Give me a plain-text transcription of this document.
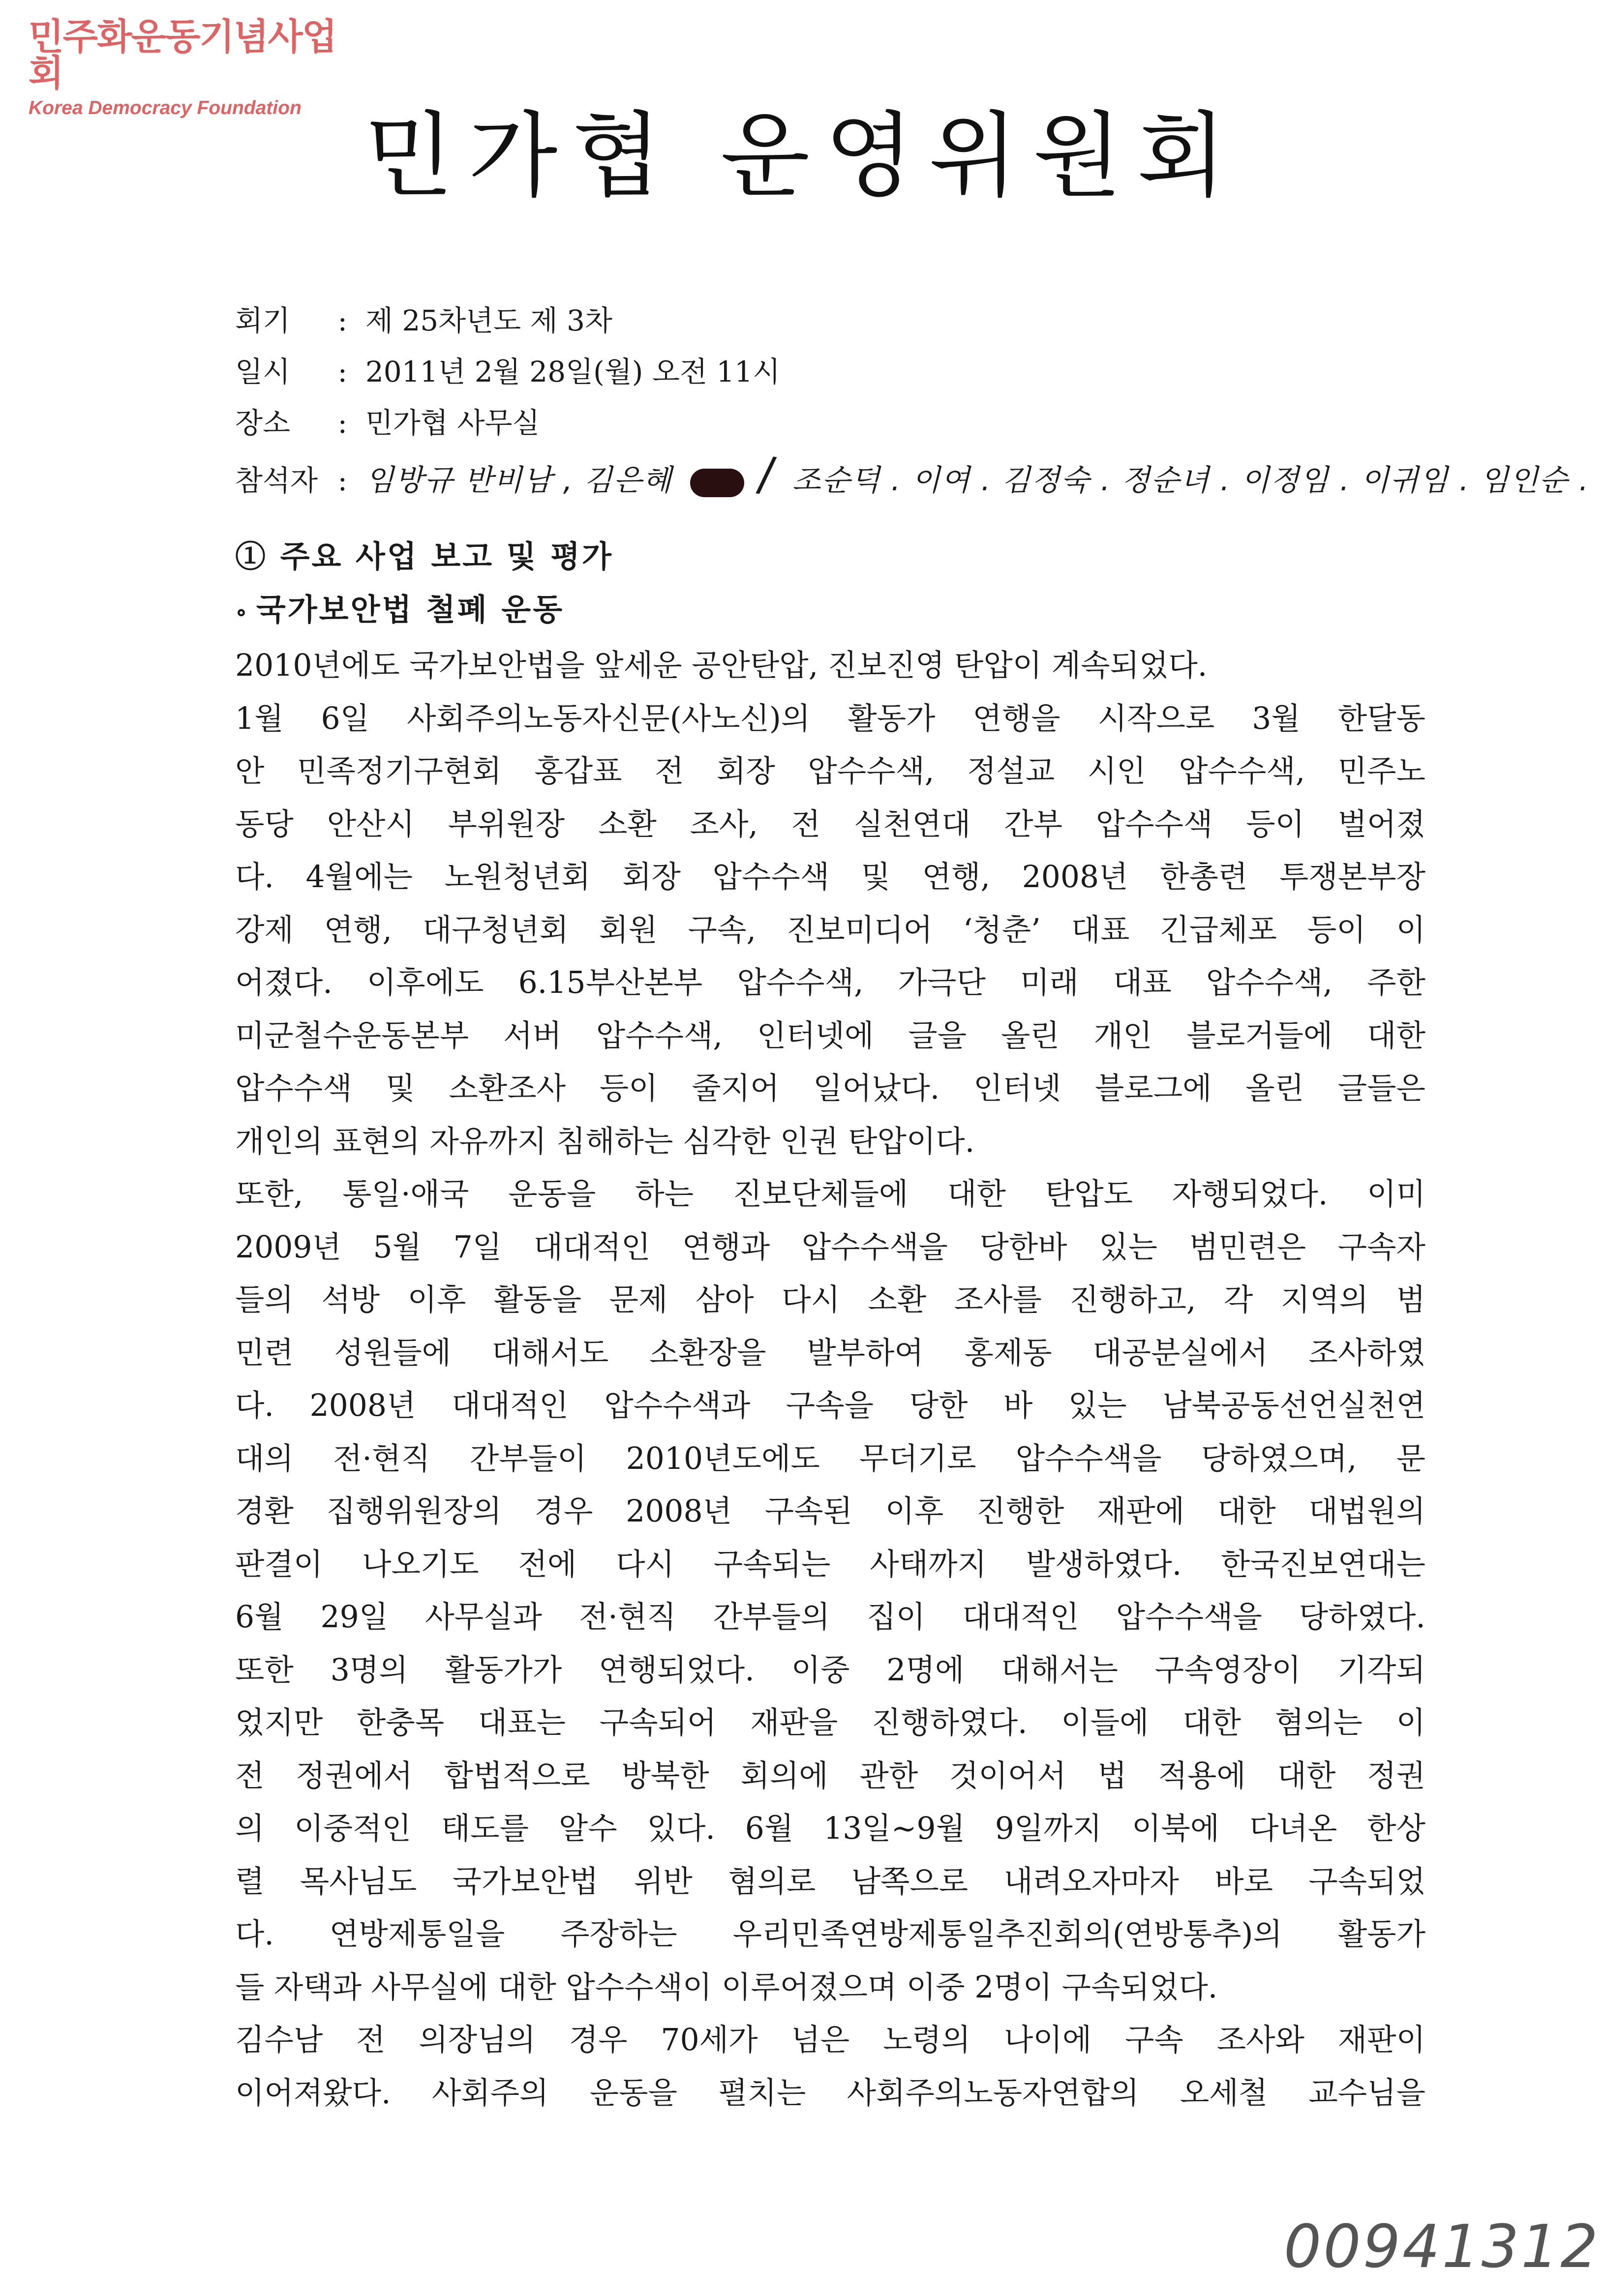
민주화운동기념사업회
Korea Democracy Foundation 민가협 운영위원회
회기 :  제 25차년도 제 3차
일시 :  2011년 2월 28일(월) 오전 11시
장소 :  민가협 사무실
참석자 :  임방규 반비남 , 김은혜 / 조순덕 . 이여 . 김정숙 . 정순녀 . 이정임 . 이귀임 . 임인순 .
① 주요 사업 보고 및 평가
∘ 국가보안법 철폐 운동
2010년에도 국가보안법을 앞세운 공안탄압, 진보진영 탄압이 계속되었다.
1월 6일 사회주의노동자신문(사노신)의 활동가 연행을 시작으로 3월 한달동
안 민족정기구현회 홍갑표 전 회장 압수수색, 정설교 시인 압수수색, 민주노
동당 안산시 부위원장 소환 조사, 전 실천연대 간부 압수수색 등이 벌어졌
다. 4월에는 노원청년회 회장 압수수색 및 연행, 2008년 한총련 투쟁본부장
강제 연행, 대구청년회 회원 구속, 진보미디어 ‘청춘’ 대표 긴급체포 등이 이
어졌다. 이후에도 6.15부산본부 압수수색, 가극단 미래 대표 압수수색, 주한
미군철수운동본부 서버 압수수색, 인터넷에 글을 올린 개인 블로거들에 대한
압수수색 및 소환조사 등이 줄지어 일어났다. 인터넷 블로그에 올린 글들은
개인의 표현의 자유까지 침해하는 심각한 인권 탄압이다.
또한, 통일·애국 운동을 하는 진보단체들에 대한 탄압도 자행되었다. 이미
2009년 5월 7일 대대적인 연행과 압수수색을 당한바 있는 범민련은 구속자
들의 석방 이후 활동을 문제 삼아 다시 소환 조사를 진행하고, 각 지역의 범
민련 성원들에 대해서도 소환장을 발부하여 홍제동 대공분실에서 조사하였
다. 2008년 대대적인 압수수색과 구속을 당한 바 있는 남북공동선언실천연
대의 전·현직 간부들이 2010년도에도 무더기로 압수수색을 당하였으며, 문
경환 집행위원장의 경우 2008년 구속된 이후 진행한 재판에 대한 대법원의
판결이 나오기도 전에 다시 구속되는 사태까지 발생하였다. 한국진보연대는
6월 29일 사무실과 전·현직 간부들의 집이 대대적인 압수수색을 당하였다.
또한 3명의 활동가가 연행되었다. 이중 2명에 대해서는 구속영장이 기각되
었지만 한충목 대표는 구속되어 재판을 진행하였다. 이들에 대한 혐의는 이
전 정권에서 합법적으로 방북한 회의에 관한 것이어서 법 적용에 대한 정권
의 이중적인 태도를 알수 있다. 6월 13일~9월 9일까지 이북에 다녀온 한상
렬 목사님도 국가보안법 위반 혐의로 남쪽으로 내려오자마자 바로 구속되었
다. 연방제통일을 주장하는 우리민족연방제통일추진회의(연방통추)의 활동가
들 자택과 사무실에 대한 압수수색이 이루어졌으며 이중 2명이 구속되었다.
김수남 전 의장님의 경우 70세가 넘은 노령의 나이에 구속 조사와 재판이
이어져왔다. 사회주의 운동을 펼치는 사회주의노동자연합의 오세철 교수님을
00941312
